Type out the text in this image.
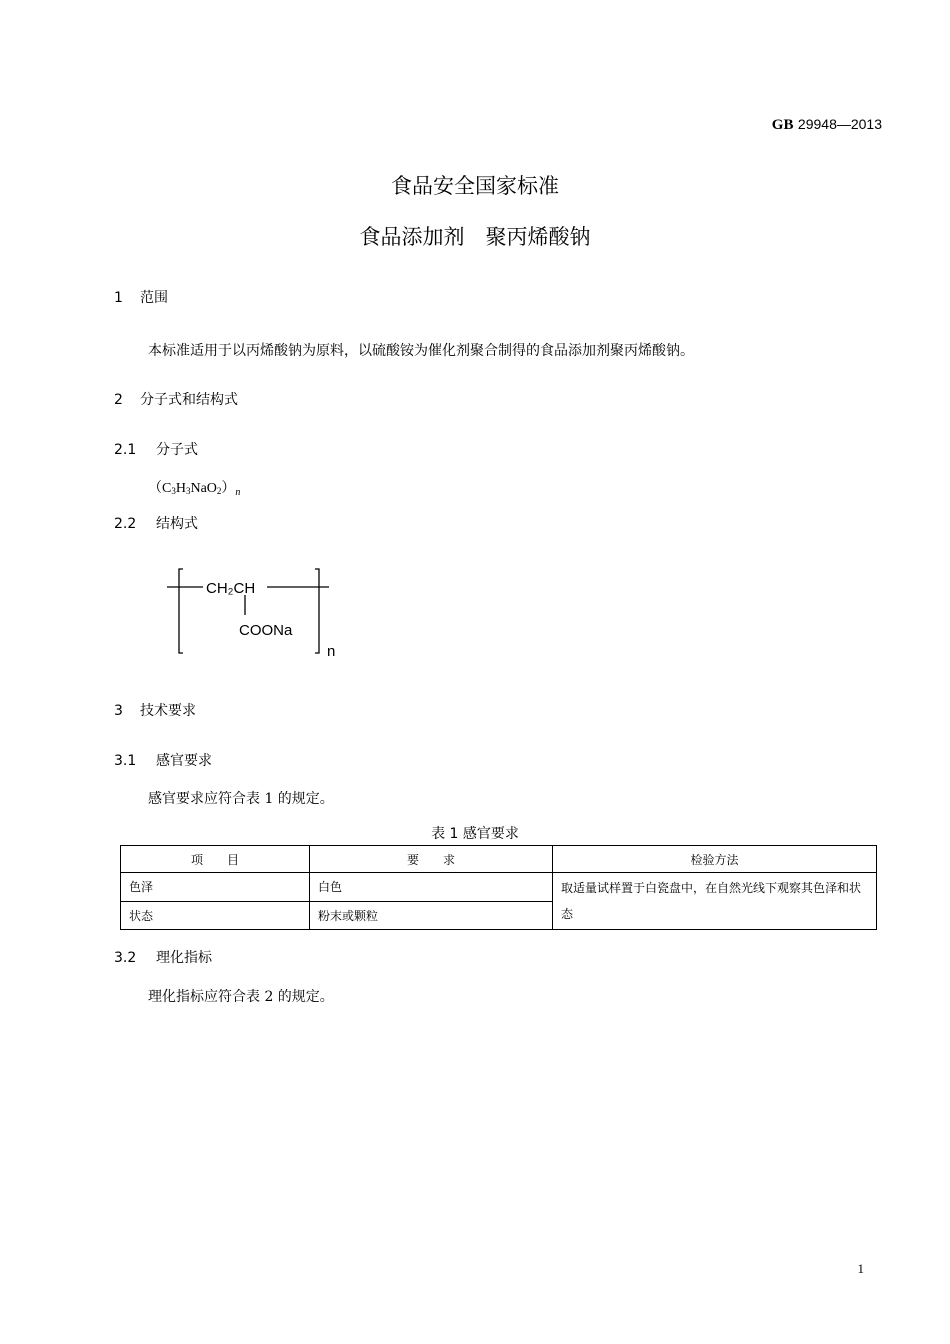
GB 29948—2013
食品安全国家标准
食品添加剂　聚丙烯酸钠
1 范围
本标准适用于以丙烯酸钠为原料，以硫酸铵为催化剂聚合制得的食品添加剂聚丙烯酸钠。
2 分子式和结构式
2.1 分子式
$(C_3H_3NaO_2)_n$
2.2 结构式
CH₂CH
COONa
n
3 技术要求
3.1 感官要求
感官要求应符合表 1 的规定。
表 1 感官要求
项　　目	要　　求	检验方法
色泽	白色	取适量试样置于白瓷盘中，在自然光线下观察其色泽和状态
状态	粉末或颗粒	
3.2 理化指标
理化指标应符合表 2 的规定。
1
